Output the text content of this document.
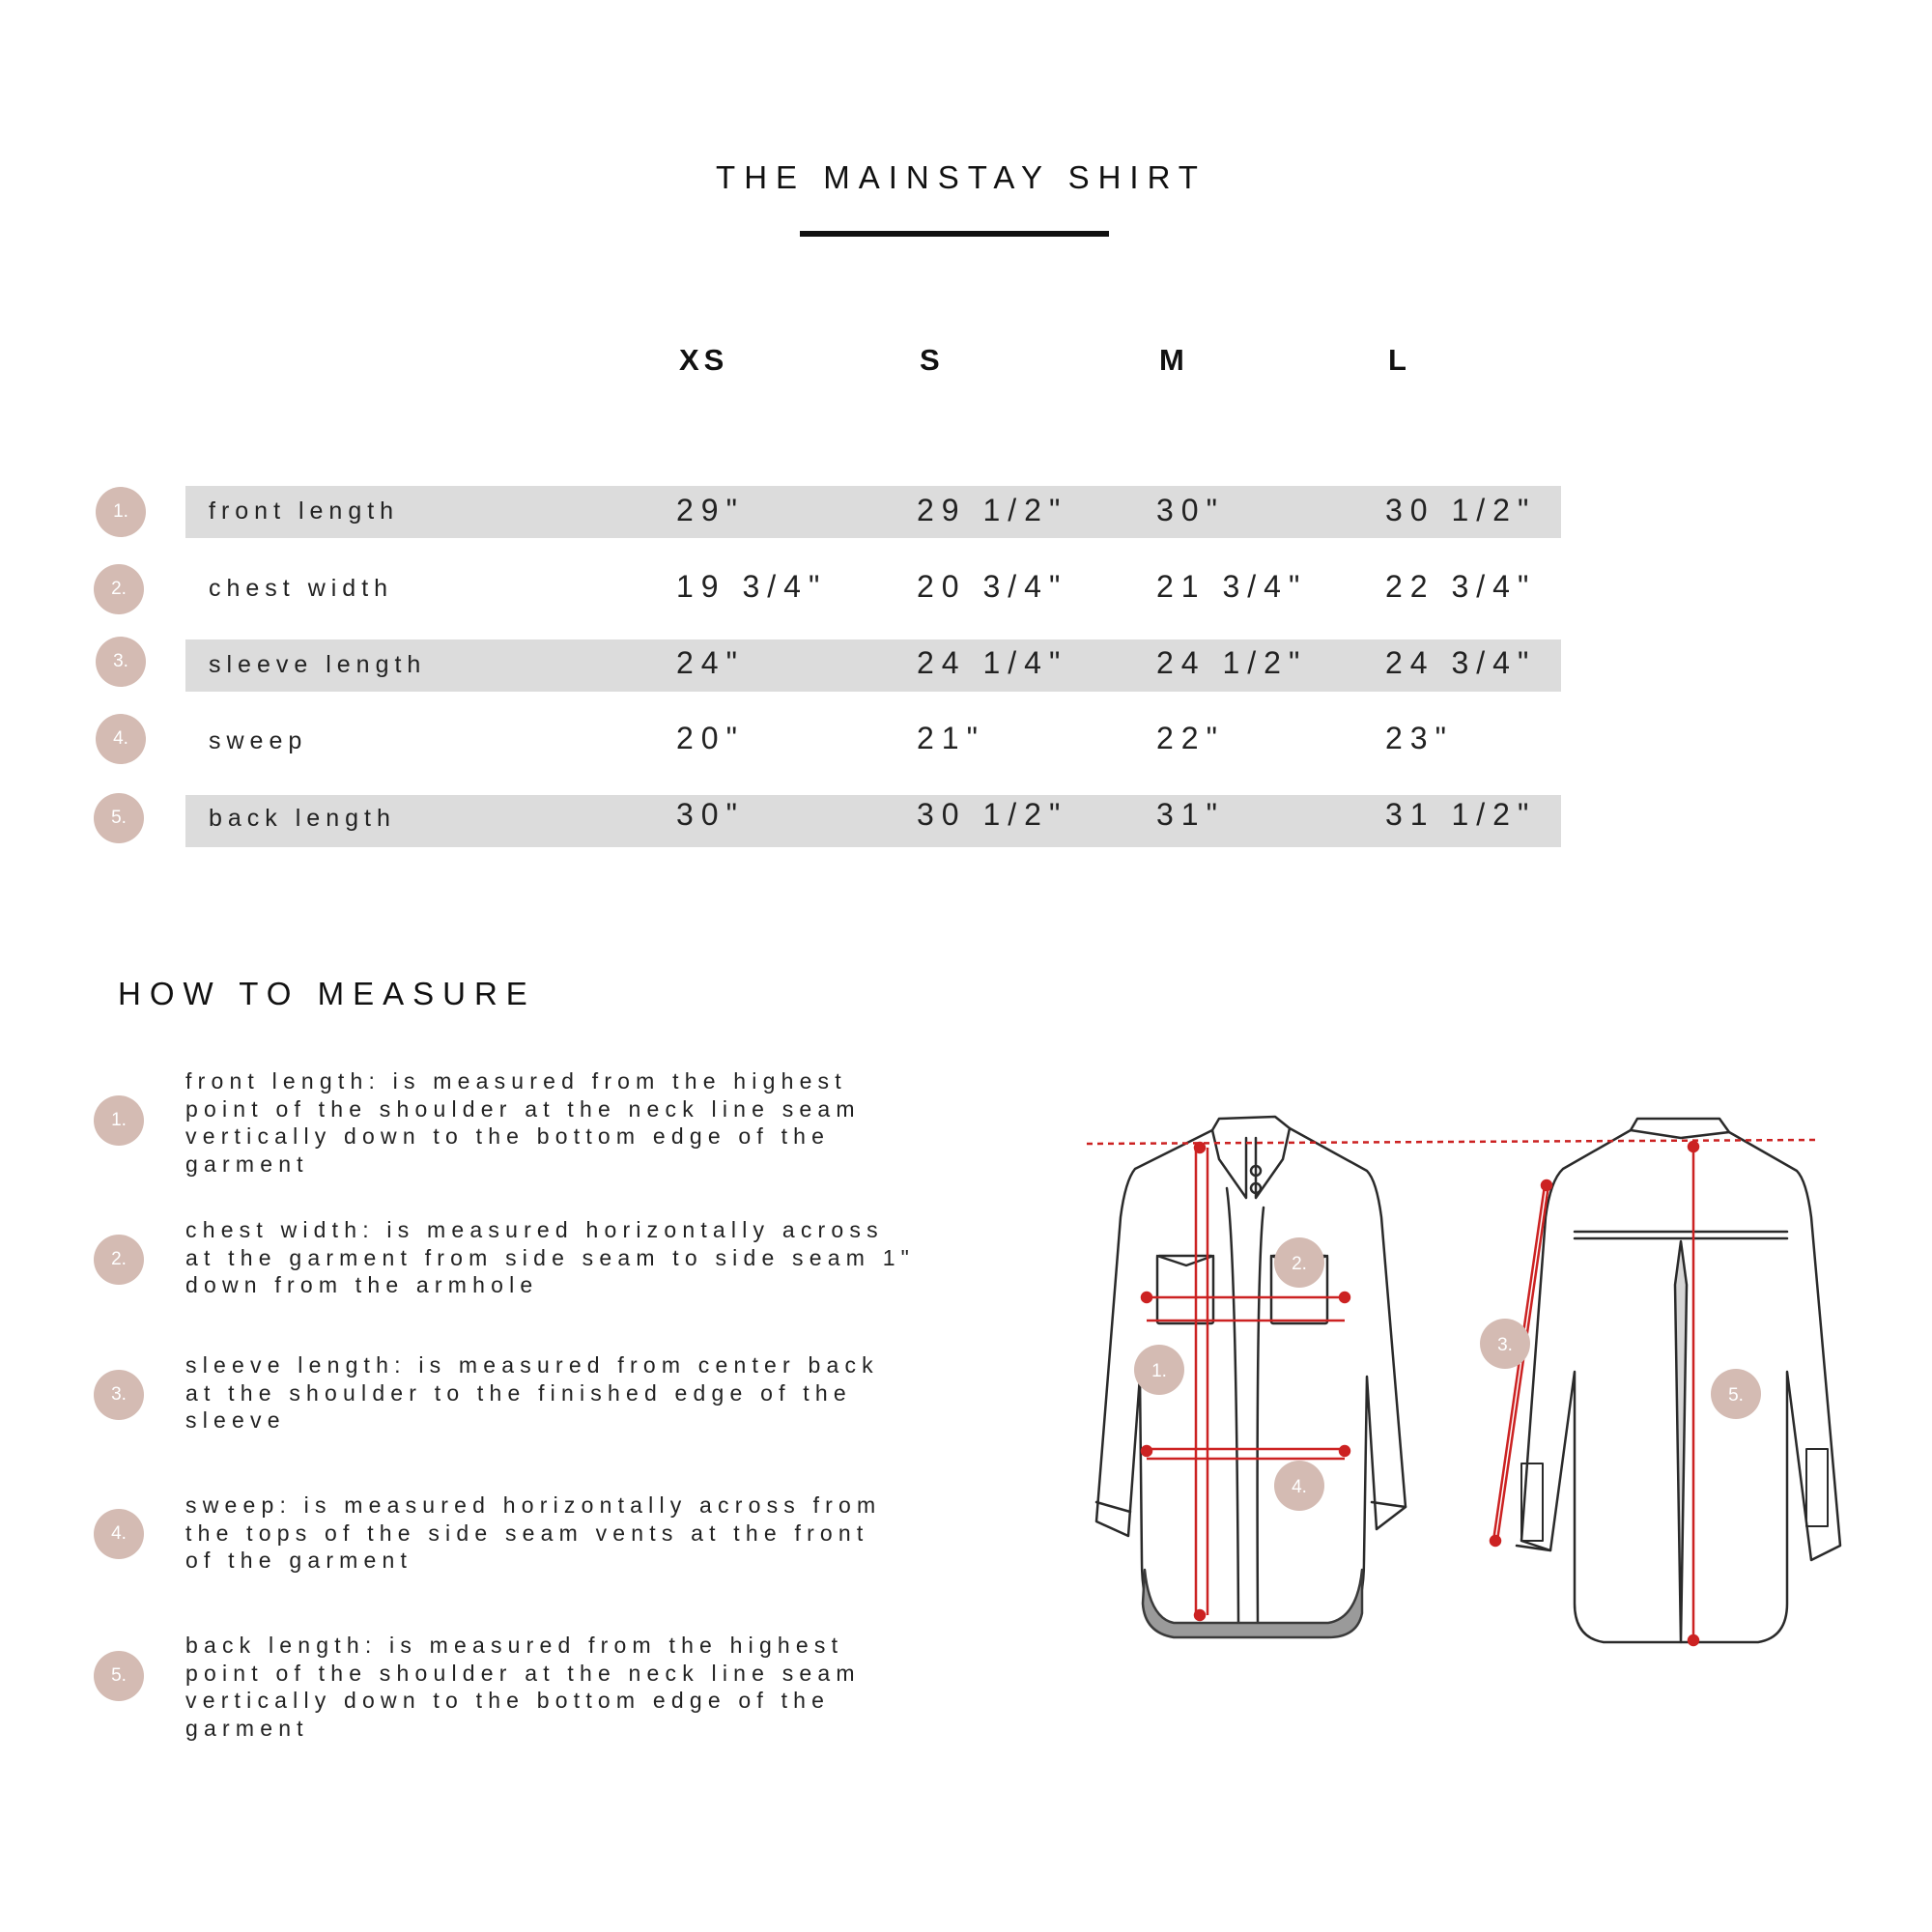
THE MAINSTAY SHIRT
XS	S	M	L
1.	front length	29"	29 1/2"	30"	30 1/2"
2.	chest width	19 3/4"	20 3/4"	21 3/4"	22 3/4"
3.	sleeve length	24"	24 1/4"	24 1/2"	24 3/4"
4.	sweep	20"	21"	22"	23"
5.	back length	30"	30 1/2"	31"	31 1/2"
HOW TO MEASURE
1.
front length: is measured from the highest
point of the shoulder at the neck line seam
vertically down to the bottom edge of the
garment
2.
chest width: is measured horizontally across
at the garment from side seam to side seam 1"
down from the armhole
3.
sleeve length: is measured from center back
at the shoulder to the finished edge of the
sleeve
4.
sweep: is measured horizontally across from
the tops of the side seam vents at the front
of the garment
5.
back length: is measured from the highest
point of the shoulder at the neck line seam
vertically down to the bottom edge of the
garment
1.
2.
3.
4.
5.
